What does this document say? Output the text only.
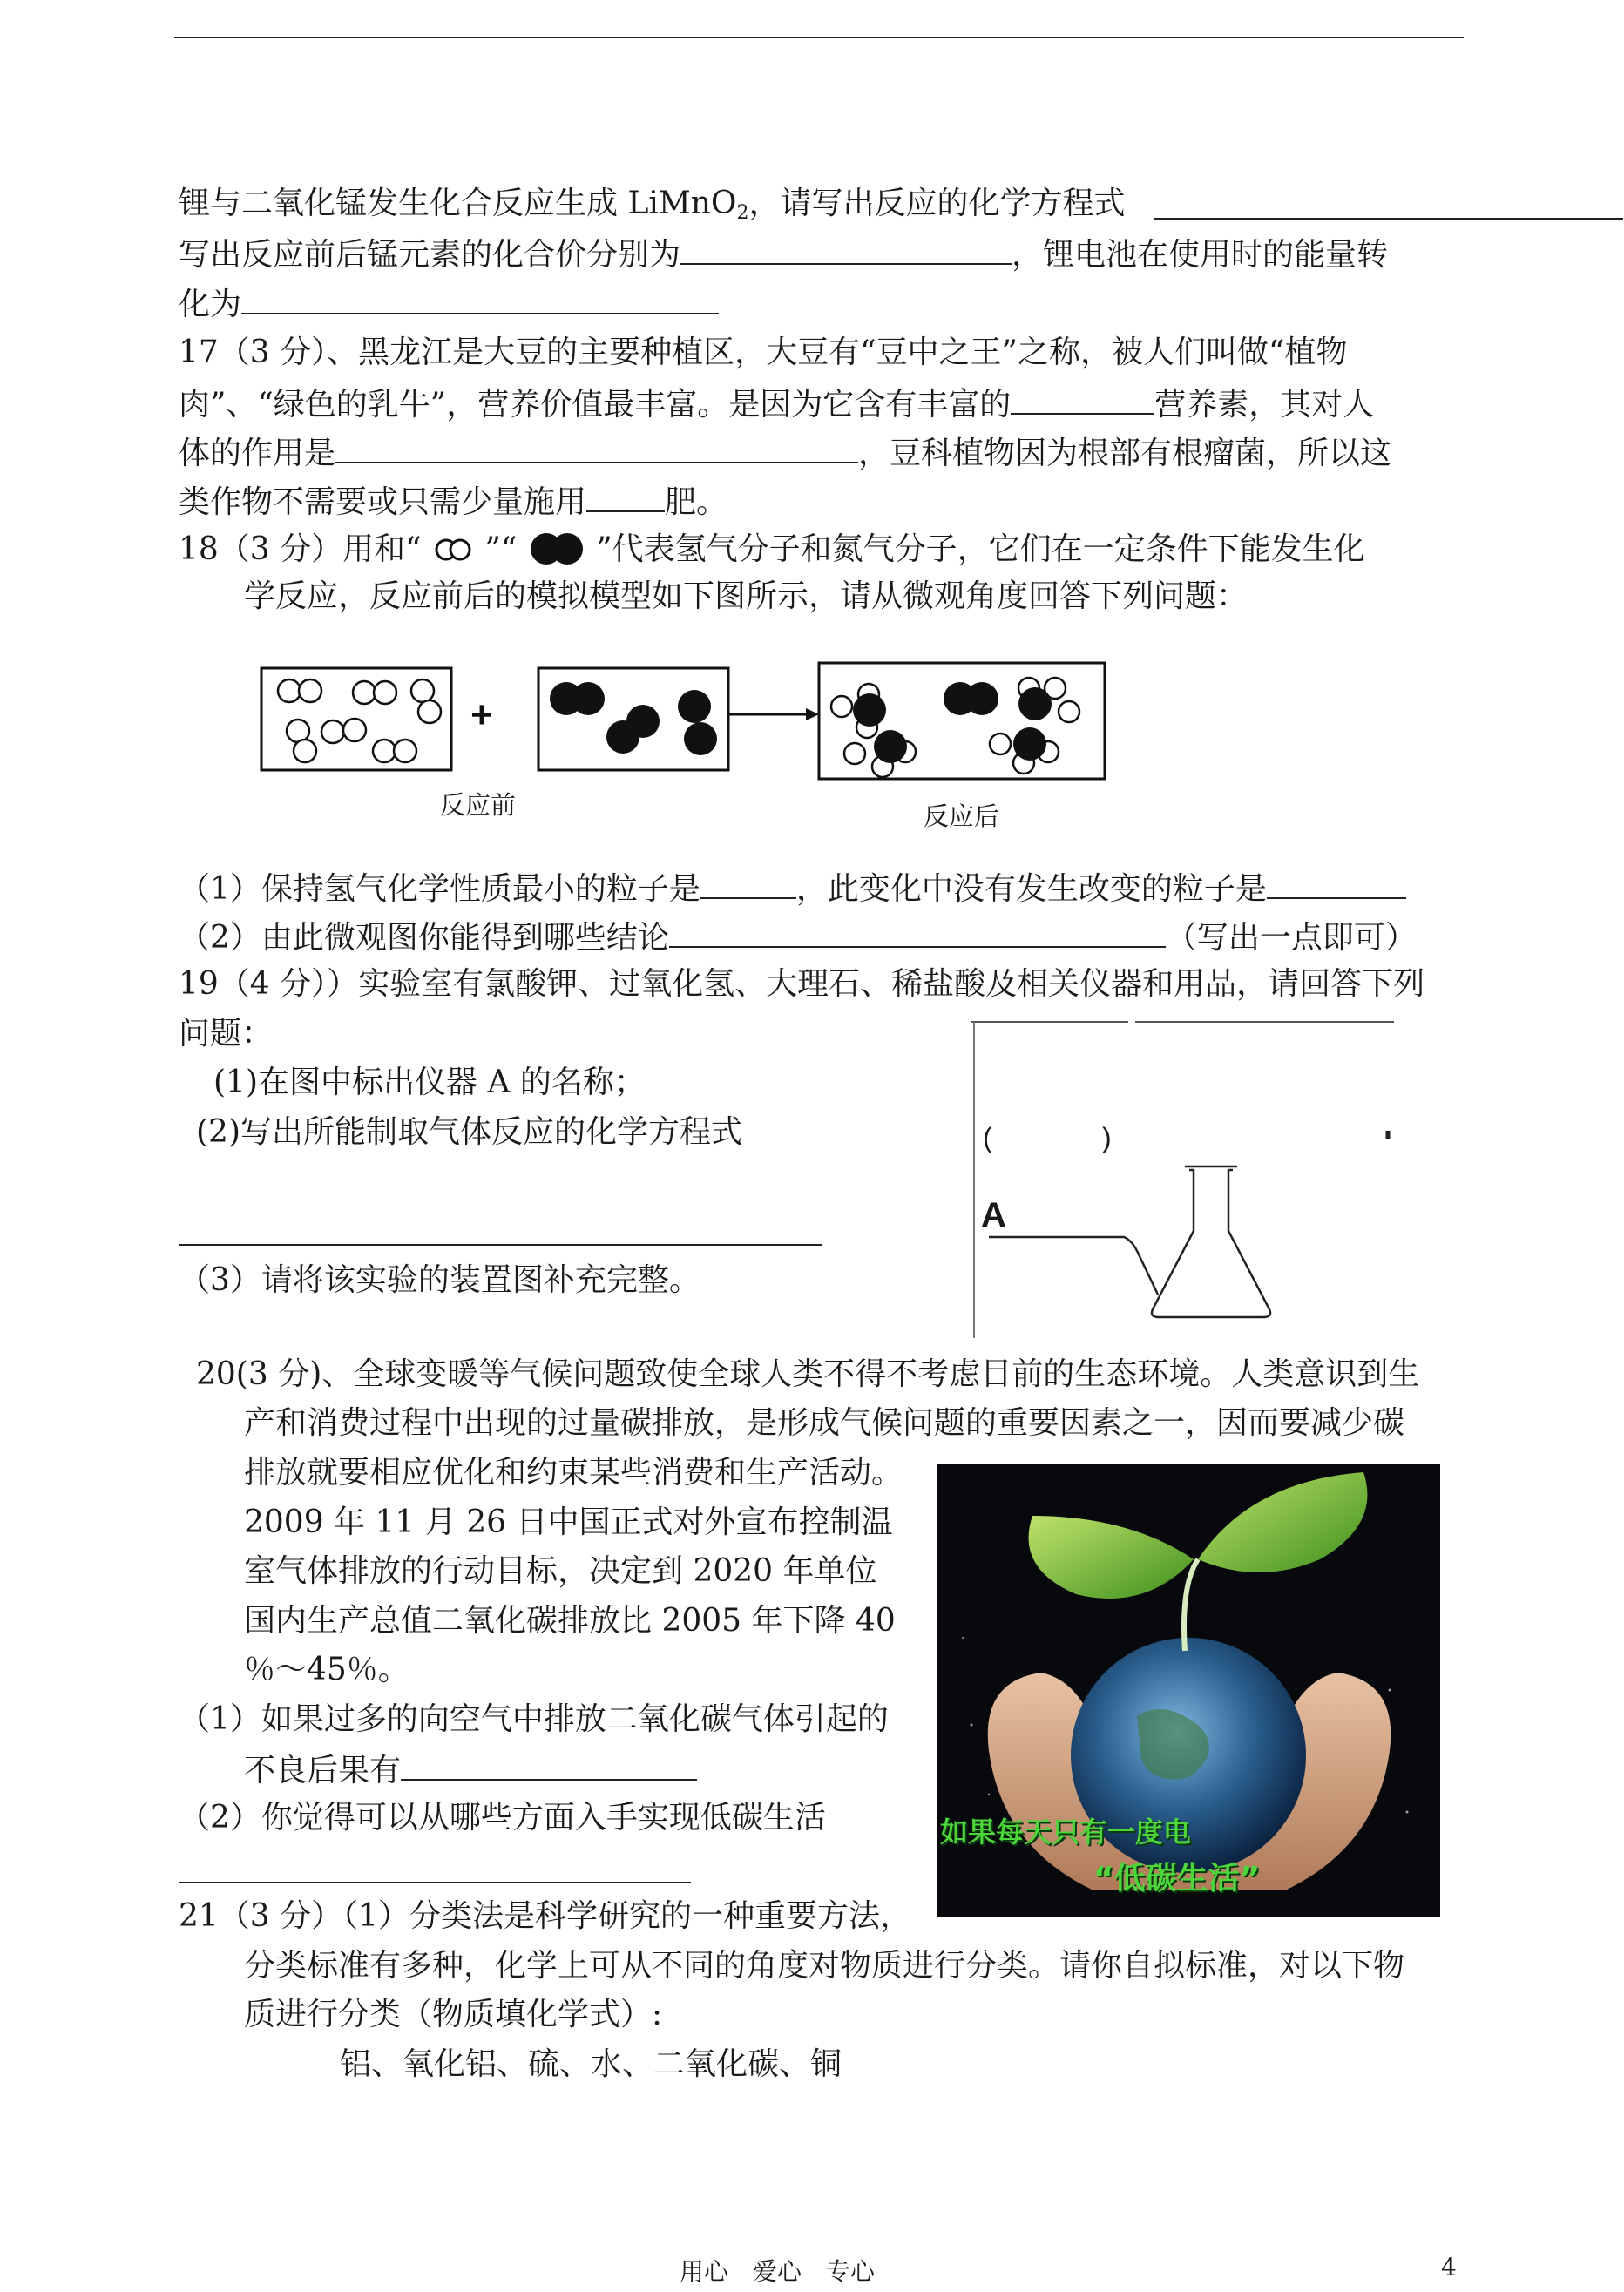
锂与二氧化锰发生化合反应生成 LiMnO$_2$，请写出反应的化学方程式
写出反应前后锰元素的化合价分别为	，锂电池在使用时的能量转
化为
17（3 分）、黑龙江是大豆的主要种植区，大豆有“豆中之王”之称，被人们叫做“植物
肉”、“绿色的乳牛”，营养价值最丰富。是因为它含有丰富的	营养素，其对人
体的作用是	，豆科植物因为根部有根瘤菌，所以这
类作物不需要或只需少量施用	肥。
18（3 分）用和“ ”“	”代表氢气分子和氮气分子，它们在一定条件下能发生化
学反应，反应前后的模拟模型如下图所示，请从微观角度回答下列问题：
+
反应前	反应后
（1）保持氢气化学性质最小的粒子是	，此变化中没有发生改变的粒子是
（2）由此微观图你能得到哪些结论	（写出一点即可）
19（4 分））实验室有氯酸钾、过氧化氢、大理石、稀盐酸及相关仪器和用品，请回答下列
问题：
(1)在图中标出仪器 A 的名称；
(2)写出所能制取气体反应的化学方程式
（3）请将该实验的装置图补充完整。
(	)
A
20(3 分)、全球变暖等气候问题致使全球人类不得不考虑目前的生态环境。人类意识到生
产和消费过程中出现的过量碳排放，是形成气候问题的重要因素之一，因而要减少碳
排放就要相应优化和约束某些消费和生产活动。
2009 年 11 月 26 日中国正式对外宣布控制温
室气体排放的行动目标，决定到 2020 年单位
国内生产总值二氧化碳排放比 2005 年下降 40
％～45％。
（1）如果过多的向空气中排放二氧化碳气体引起的
不良后果有
（2）你觉得可以从哪些方面入手实现低碳生活	如果每天只有一度电
“低碳生活”
21（3 分）（1）分类法是科学研究的一种重要方法，
分类标准有多种，化学上可从不同的角度对物质进行分类。请你自拟标准，对以下物
质进行分类（物质填化学式）:
铝、氧化铝、硫、水、二氧化碳、铜
用心　爱心　专心	4
